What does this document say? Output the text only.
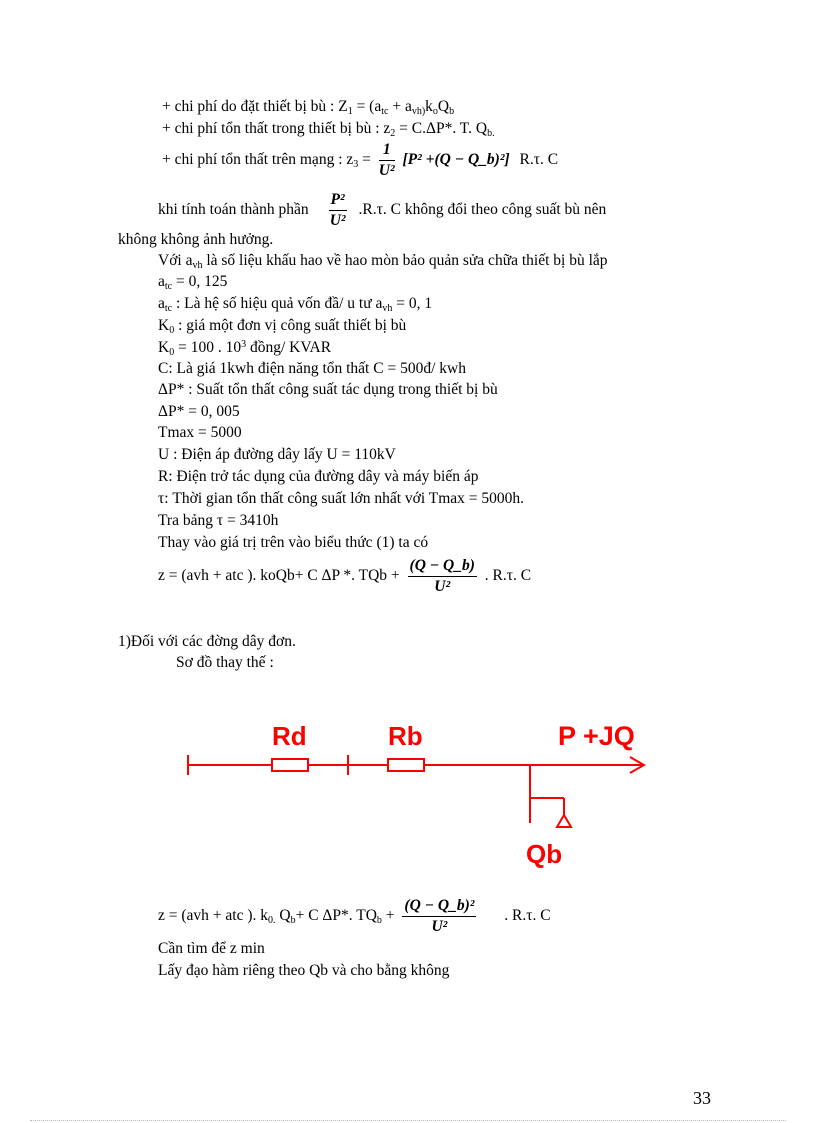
+ chi phí do đặt thiết bị bù : $Z_1 = (a_{tc} + a_{vh)}k_oQ_b$
+ chi phí tổn thất trong thiết bị bù : $z_2 = C.\Delta P*$. T. $Q_{b.}$
+ chi phí tổn thất trên mạng : $z_3 = \frac{1}{\text{U²}} [P^2 +(Q$ − Q_b)²] R.τ. C
khi tính toán thành phần $\frac{\text{P²}}{\text{U²}} .R.\tau$. C không đổi theo công suất bù nên
không không ảnh hưởng.
Với $a_{vh}$ là số liệu khấu hao về hao mòn bảo quản sửa chữa thiết bị bù lắp
$a_{tc} = 0$, 125
$a_{tc}$ : Là hệ số hiệu quả vốn đầ/ u tư $a_{vh} = 0$, 1
$K_0$ : giá một đơn vị công suất thiết bị bù
$K_0 = 100$ . $10^3$ đồng/ KVAR
C: Là giá 1kwh điện năng tổn thất C = 500đ/ kwh
ΔP* : Suất tổn thất công suất tác dụng trong thiết bị bù
ΔP* = 0, 005
Tmax = 5000
U : Điện áp đường dây lấy U = 110kV
R: Điện trở tác dụng của đường dây và máy biến áp
τ: Thời gian tổn thất công suất lớn nhất với Tmax = 5000h.
Tra bảng τ = 3410h
Thay vào giá trị trên vào biểu thức (1) ta có
z = (avh + atc ). koQb+ C ΔP *. TQb + $\frac{(Q - Q\_b)}{\text{U²}}$ . R.τ. C
1)Đối với các đờng dây đơn.
Sơ đồ thay thế :
Rd	Rb	P +JQ
Qb
z = (avh + atc ). $k_{0.}$ $Q_b+ C$ ΔP*. $TQ_b + \frac{\text{(Q − Q\_b)²}}{\text{U²}}$ . R.τ. C
Cần tìm để z min
Lấy đạo hàm riêng theo Qb và cho bằng không
33
